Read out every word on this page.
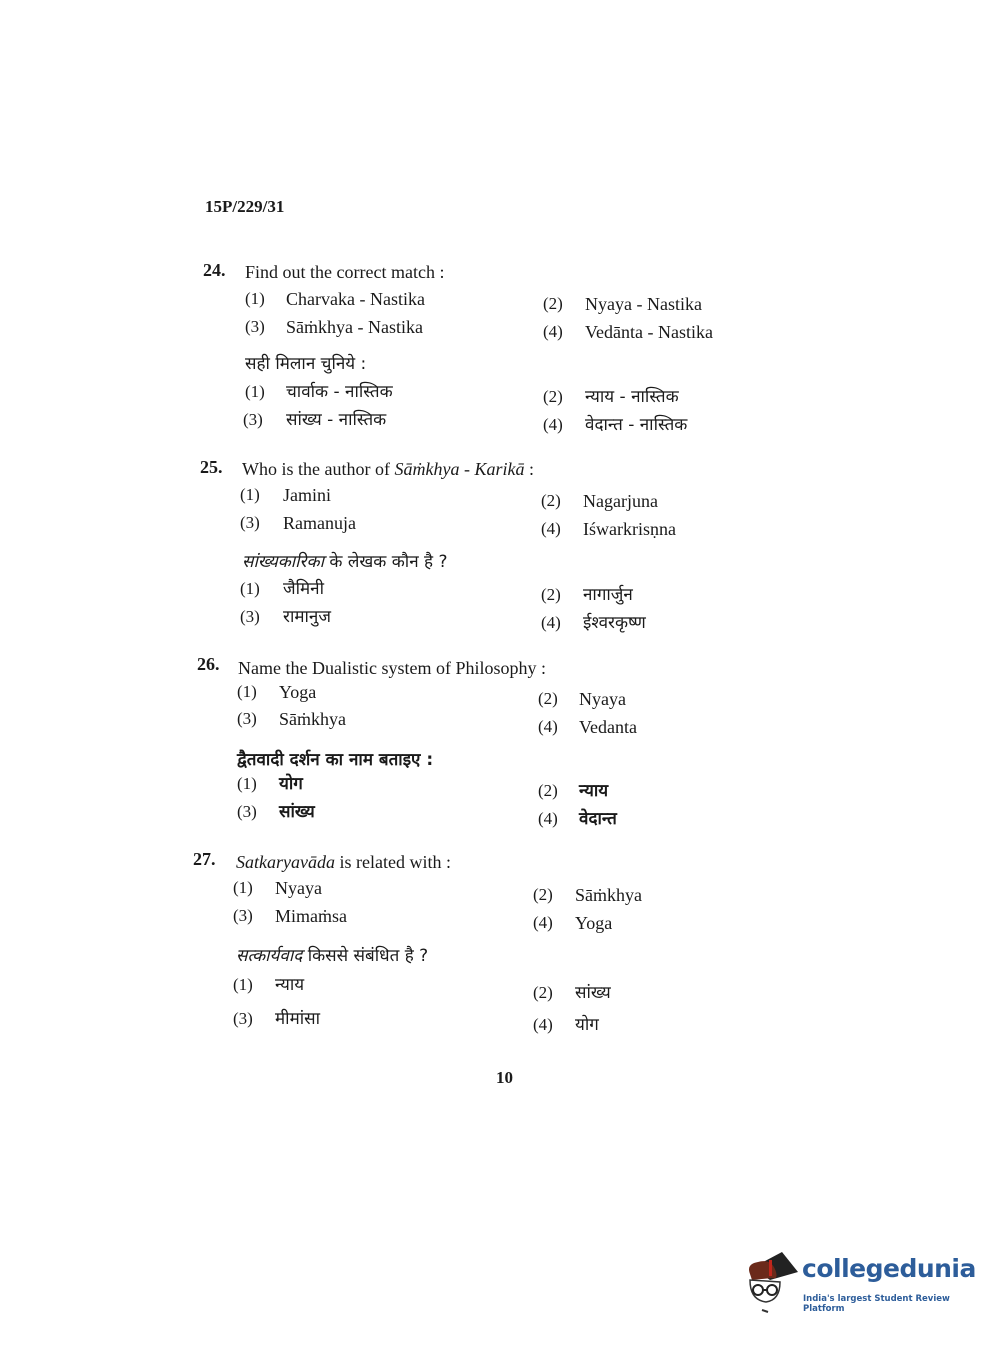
15P/229/31
24. Find out the correct match :
(1) Charvaka - Nastika	(2) Nyaya - Nastika
(3) Sāṁkhya - Nastika	(4) Vedānta - Nastika
सही मिलान चुनिये :
(1) चार्वाक - नास्तिक	(2) न्याय - नास्तिक
(3) सांख्य - नास्तिक	(4) वेदान्त - नास्तिक
25. Who is the author of Sāṁkhya - Karikā :
(1) Jamini	(2) Nagarjuna
(3) Ramanuja	(4) Iśwarkrisṇna
सांख्यकारिका के लेखक कौन है ?
(1) जैमिनी	(2) नागार्जुन
(3) रामानुज	(4) ईश्वरकृष्ण
26. Name the Dualistic system of Philosophy :
(1) Yoga	(2) Nyaya
(3) Sāṁkhya	(4) Vedanta
द्वैतवादी दर्शन का नाम बताइए :
(1) योग	(2) न्याय
(3) सांख्य	(4) वेदान्त
27. Satkaryavāda is related with :
(1) Nyaya	(2) Sāṁkhya
(3) Mimaṁsa	(4) Yoga
सत्कार्यवाद किससे संबंधित है ?
(1) न्याय	(2) सांख्य
(3) मीमांसा	(4) योग
10
collegedunia
India's largest Student Review Platform
